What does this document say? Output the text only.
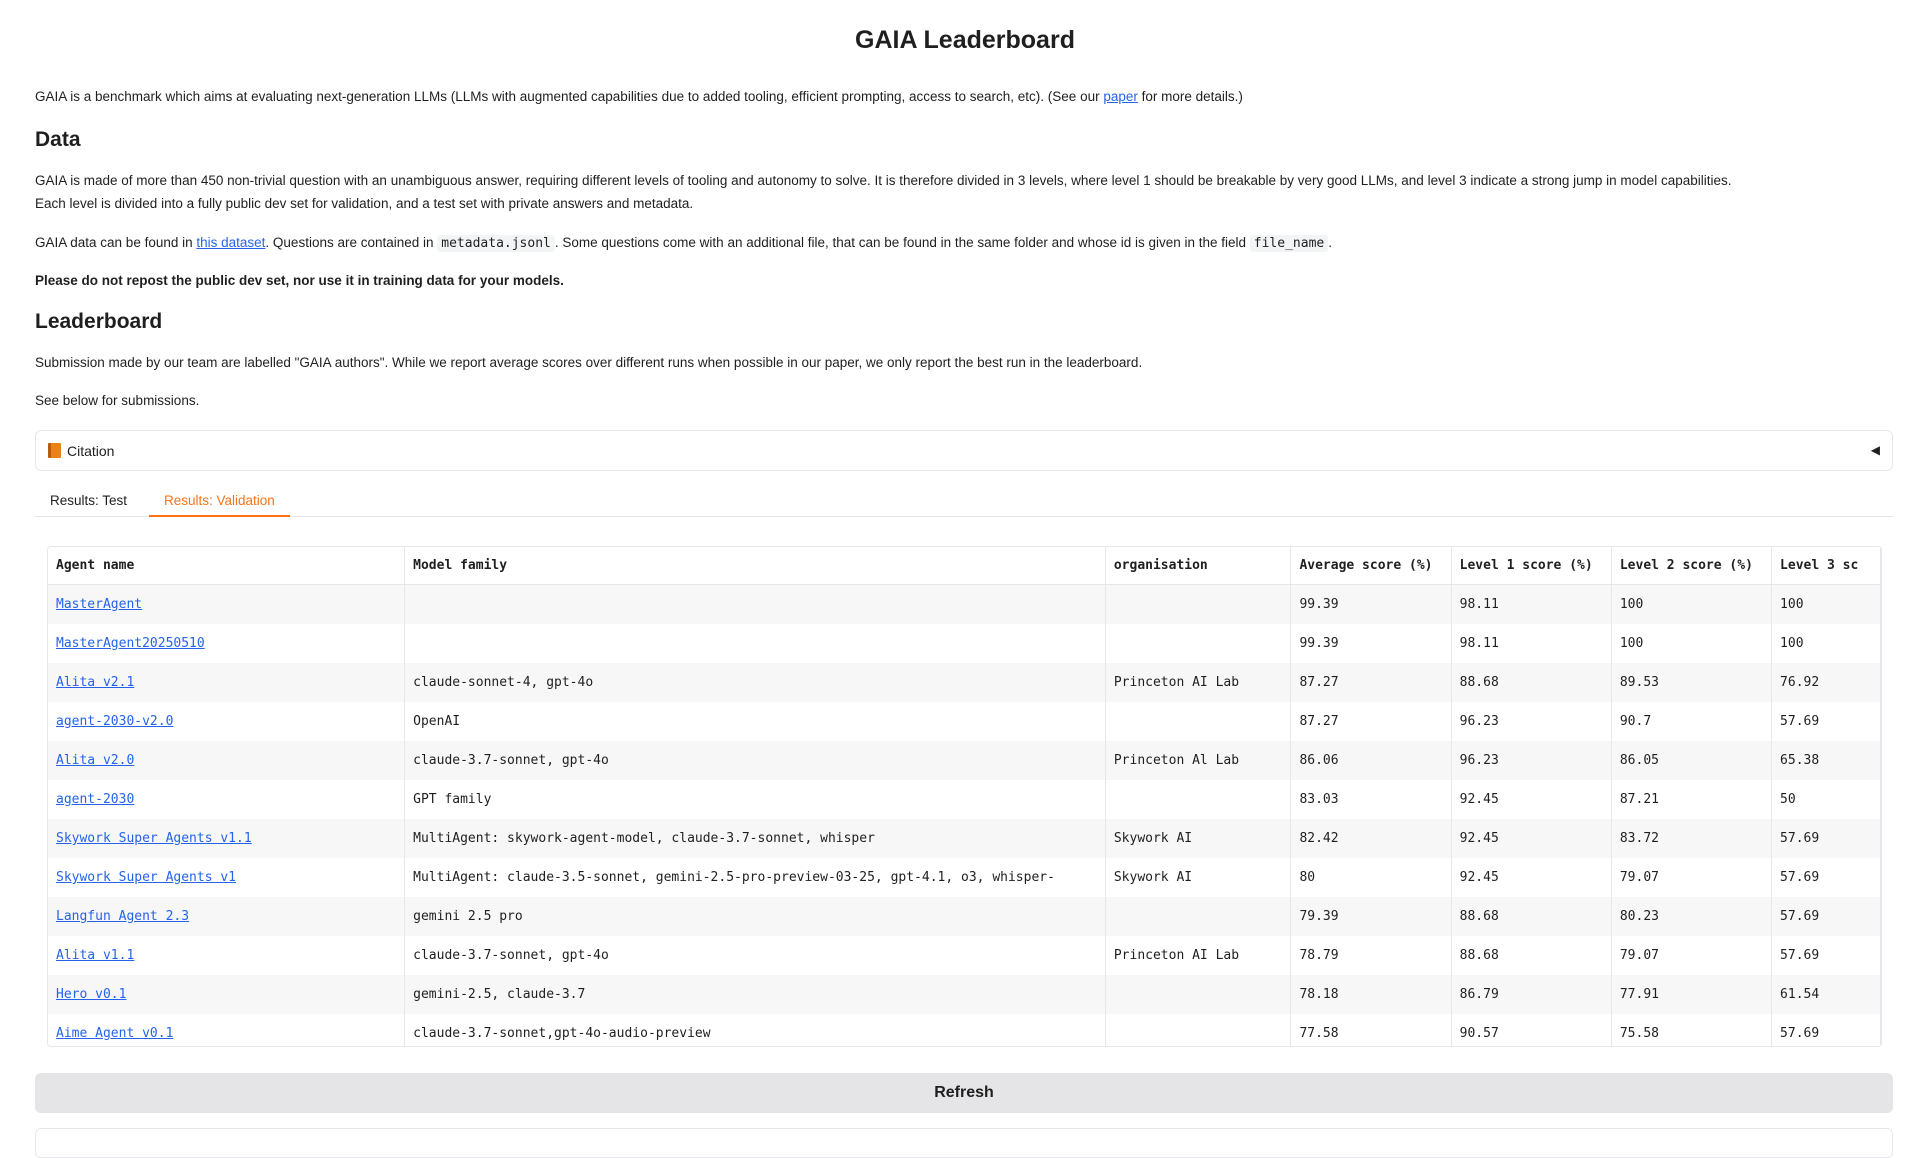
GAIA Leaderboard
GAIA is a benchmark which aims at evaluating next-generation LLMs (LLMs with augmented capabilities due to added tooling, efficient prompting, access to search, etc). (See our paper for more details.)
Data
GAIA is made of more than 450 non-trivial question with an unambiguous answer, requiring different levels of tooling and autonomy to solve. It is therefore divided in 3 levels, where level 1 should be breakable by very good LLMs, and level 3 indicate a strong jump in model capabilities.
Each level is divided into a fully public dev set for validation, and a test set with private answers and metadata.
GAIA data can be found in this dataset. Questions are contained in metadata.jsonl . Some questions come with an additional file, that can be found in the same folder and whose id is given in the field file_name .
Please do not repost the public dev set, nor use it in training data for your models.
Leaderboard
Submission made by our team are labelled "GAIA authors". While we report average scores over different runs when possible in our paper, we only report the best run in the leaderboard.
See below for submissions.
Citation	◀
Results: Test	Results: Validation
Agent name	Model family	organisation	Average score (%)	Level 1 score (%)	Level 2 score (%)	Level 3 sc
MasterAgent			99.39	98.11	100	100
MasterAgent20250510			99.39	98.11	100	100
Alita v2.1	claude-sonnet-4, gpt-4o	Princeton AI Lab	87.27	88.68	89.53	76.92
agent-2030-v2.0	OpenAI		87.27	96.23	90.7	57.69
Alita v2.0	claude-3.7-sonnet, gpt-4o	Princeton Al Lab	86.06	96.23	86.05	65.38
agent-2030	GPT family		83.03	92.45	87.21	50
Skywork Super Agents v1.1	MultiAgent: skywork-agent-model, claude-3.7-sonnet, whisper	Skywork AI	82.42	92.45	83.72	57.69
Skywork Super Agents v1	MultiAgent: claude-3.5-sonnet, gemini-2.5-pro-preview-03-25, gpt-4.1, o3, whisper-	Skywork AI	80	92.45	79.07	57.69
Langfun Agent 2.3	gemini 2.5 pro		79.39	88.68	80.23	57.69
Alita v1.1	claude-3.7-sonnet, gpt-4o	Princeton AI Lab	78.79	88.68	79.07	57.69
Hero v0.1	gemini-2.5, claude-3.7		78.18	86.79	77.91	61.54
Aime Agent v0.1	claude-3.7-sonnet,gpt-4o-audio-preview		77.58	90.57	75.58	57.69
Refresh
